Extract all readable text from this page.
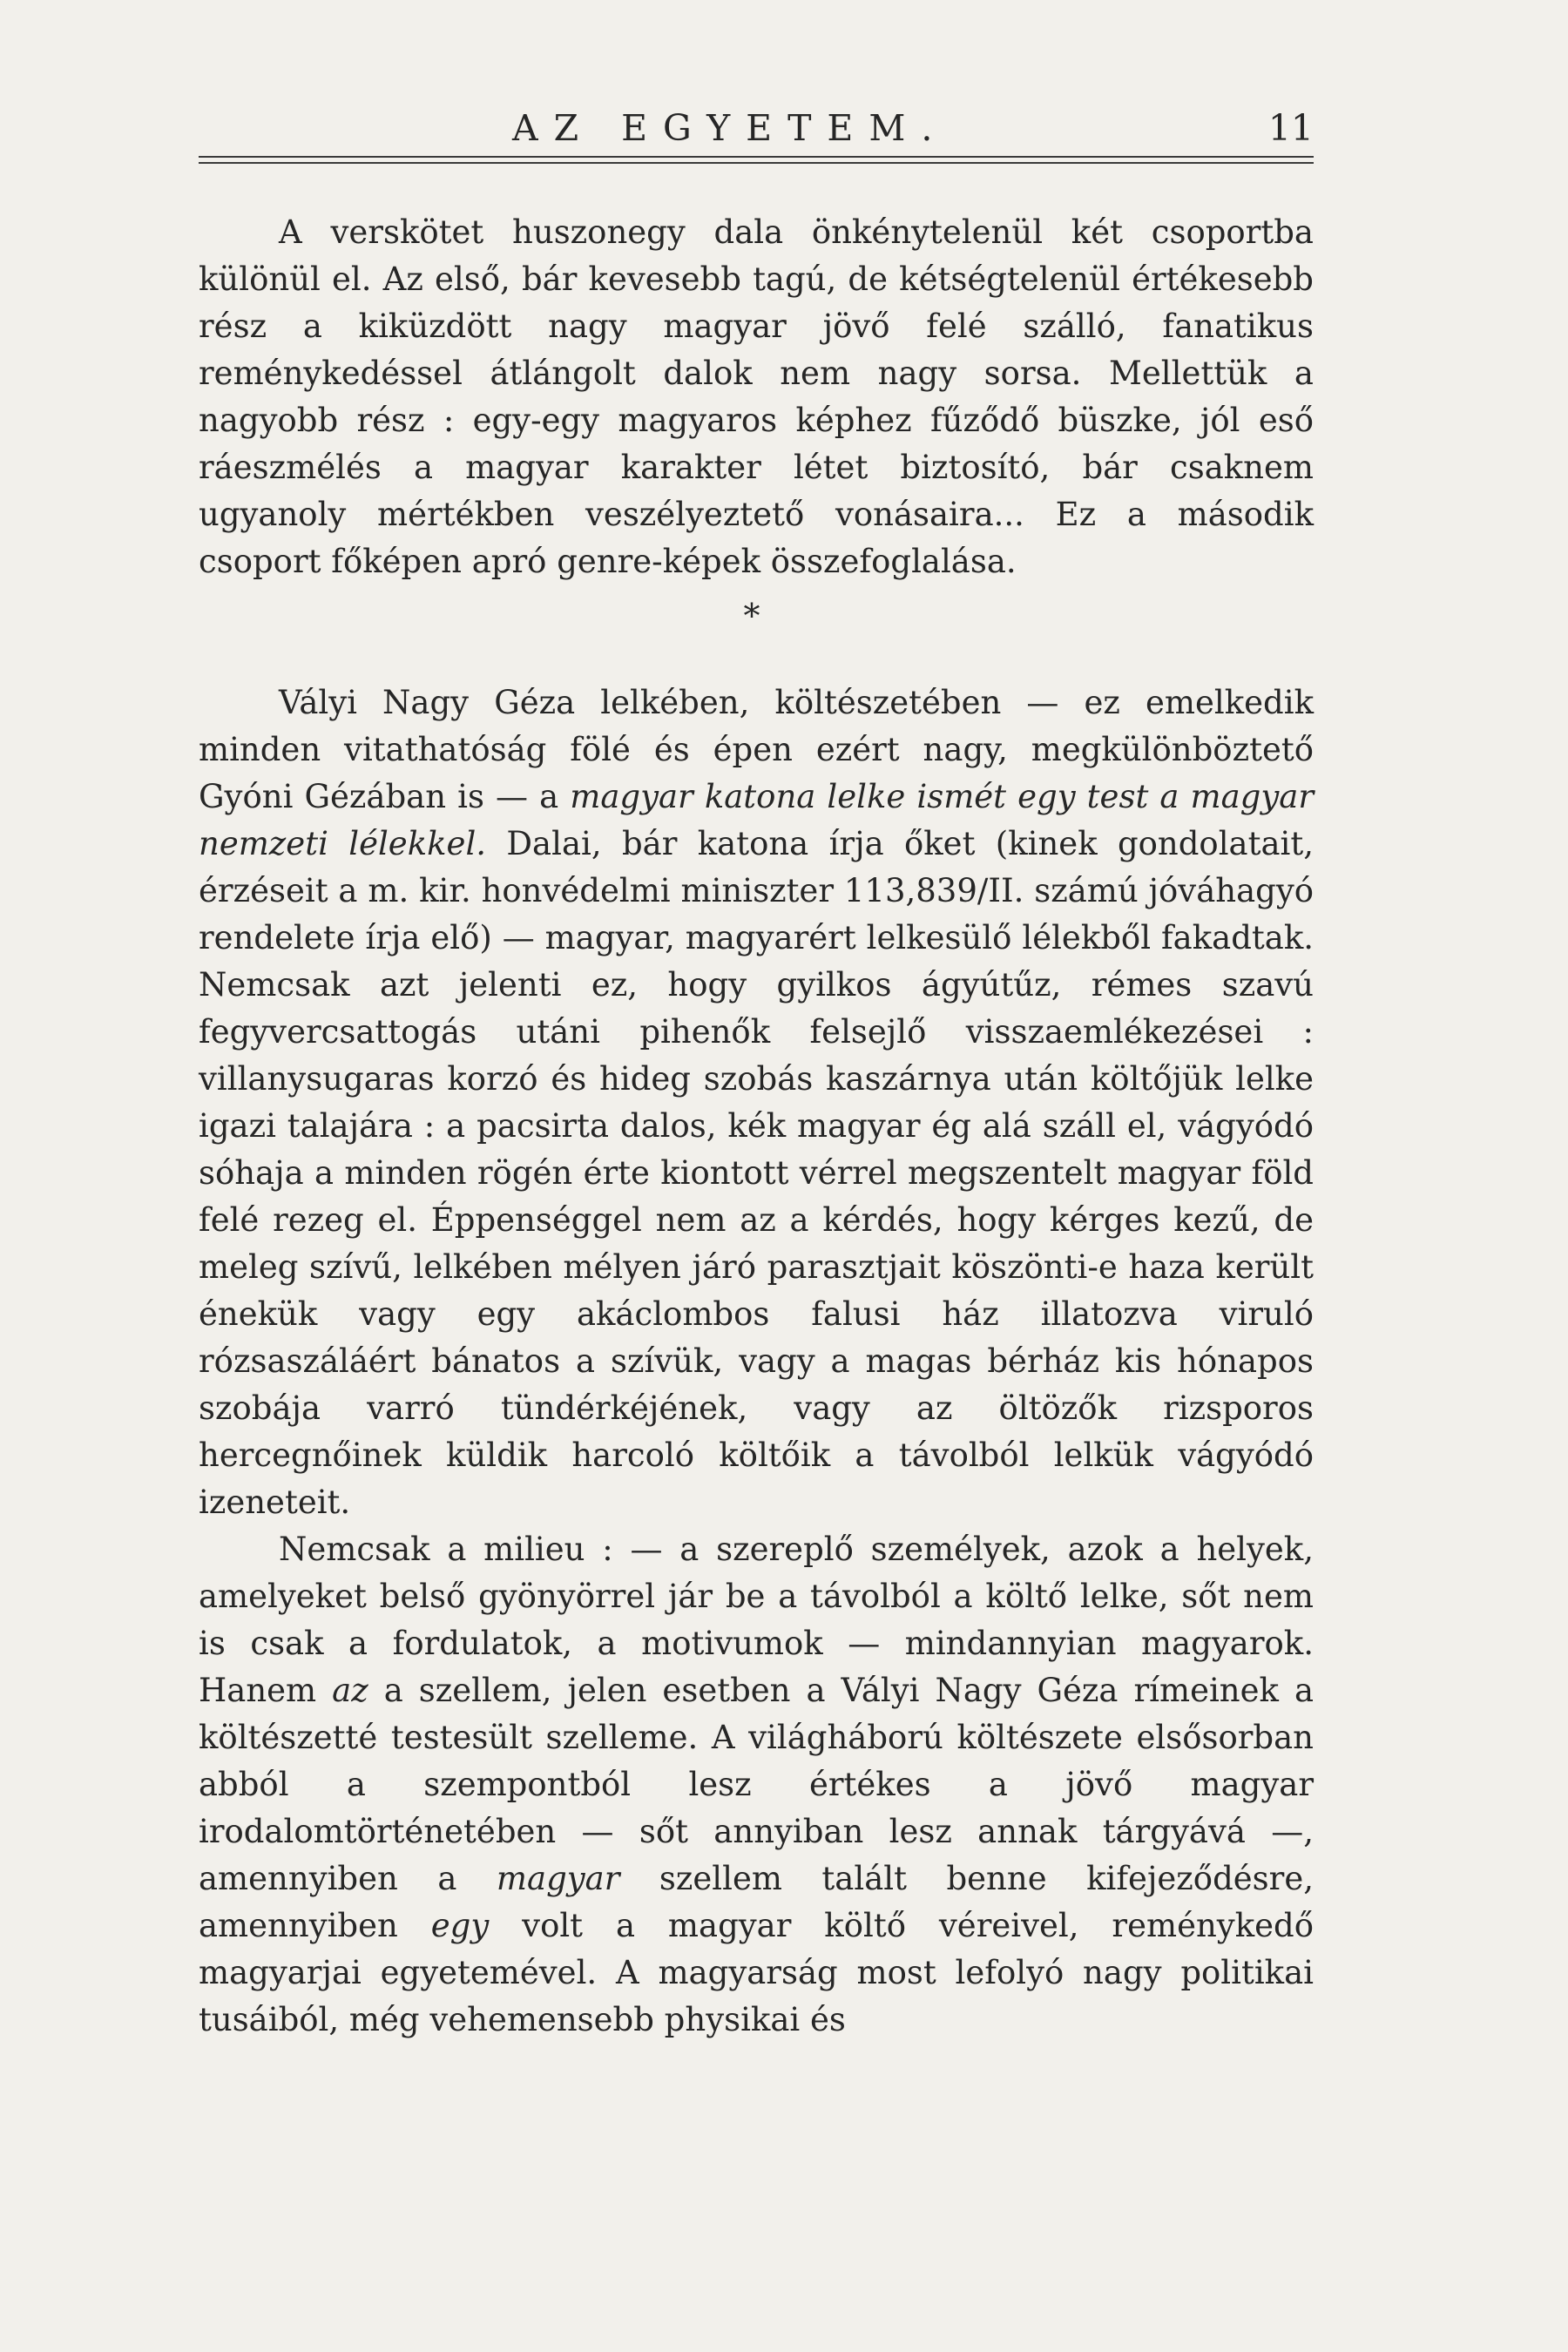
AZ EGYETEM.	11

A verskötet huszonegy dala önkénytelenül két csoportba különül el. Az első, bár kevesebb tagú, de kétségtelenül értékesebb rész a kiküzdött nagy magyar jövő felé szálló, fanatikus reménykedéssel átlángolt dalok nem nagy sorsa. Mellettük a nagyobb rész : egy-egy magyaros képhez fűződő büszke, jól eső ráeszmélés a magyar karakter létet biztosító, bár csaknem ugyanoly mértékben veszélyeztető vonásaira... Ez a második csoport főképen apró genre-képek összefoglalása.

*

Vályi Nagy Géza lelkében, költészetében — ez emelkedik minden vitathatóság fölé és épen ezért nagy, megkülönböztető Gyóni Gézában is — a magyar katona lelke ismét egy test a magyar nemzeti lélekkel. Dalai, bár katona írja őket (kinek gondolatait, érzéseit a m. kir. honvédelmi miniszter 113,839/II. számú jóváhagyó rendelete írja elő) — magyar, magyarért lelkesülő lélekből fakadtak. Nemcsak azt jelenti ez, hogy gyilkos ágyútűz, rémes szavú fegyvercsattogás utáni pihenők felsejlő visszaemlékezései : villanysugaras korzó és hideg szobás kaszárnya után költőjük lelke igazi talajára : a pacsirta dalos, kék magyar ég alá száll el, vágyódó sóhaja a minden rögén érte kiontott vérrel megszentelt magyar föld felé rezeg el. Éppenséggel nem az a kérdés, hogy kérges kezű, de meleg szívű, lelkében mélyen járó parasztjait köszönti-e haza került énekük vagy egy akáclombos falusi ház illatozva viruló rózsaszáláért bánatos a szívük, vagy a magas bérház kis hónapos szobája varró tündérkéjének, vagy az öltözők rizsporos hercegnőinek küldik harcoló költőik a távolból lelkük vágyódó izeneteit.

Nemcsak a milieu : — a szereplő személyek, azok a helyek, amelyeket belső gyönyörrel jár be a távolból a költő lelke, sőt nem is csak a fordulatok, a motivumok — mindannyian magyarok. Hanem az a szellem, jelen esetben a Vályi Nagy Géza rímeinek a költészetté testesült szelleme. A világháború költészete elsősorban abból a szempontból lesz értékes a jövő magyar irodalomtörténetében — sőt annyiban lesz annak tárgyává —, amennyiben a magyar szellem talált benne kifejeződésre, amennyiben egy volt a magyar költő véreivel, reménykedő magyarjai egyetemével. A magyarság most lefolyó nagy politikai tusáiból, még vehemensebb physikai és
